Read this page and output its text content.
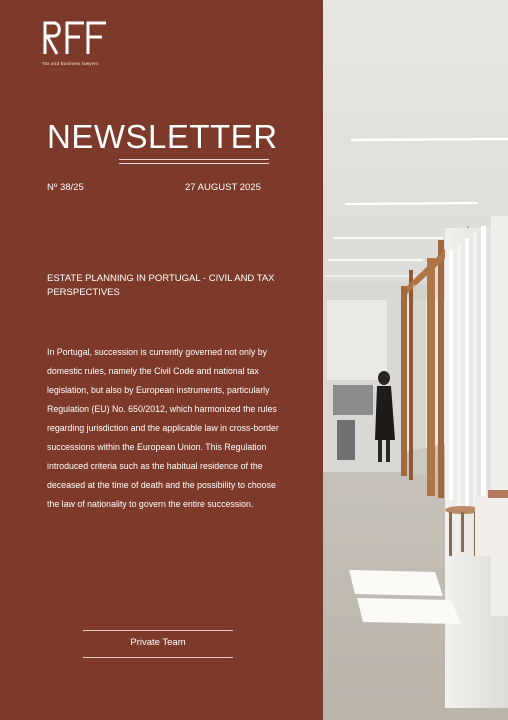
Tax and Business lawyers
NEWSLETTER
Nº 38/25	27 AUGUST 2025
ESTATE PLANNING IN PORTUGAL - CIVIL AND TAX PERSPECTIVES

In Portugal, succession is currently governed not only by domestic rules, namely the Civil Code and national tax legislation, but also by European instruments, particularly Regulation (EU) No. 650/2012, which harmonized the rules regarding jurisdiction and the applicable law in cross-border successions within the European Union. This Regulation introduced criteria such as the habitual residence of the deceased at the time of death and the possibility to choose the law of nationality to govern the entire succession.

Private Team
